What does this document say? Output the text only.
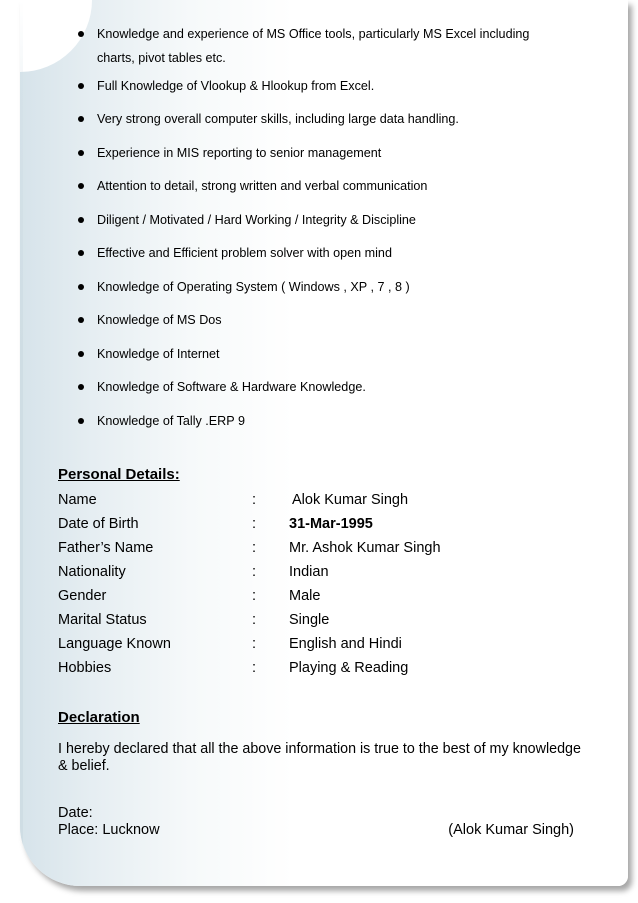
Knowledge and experience of MS Office tools, particularly MS Excel including
charts, pivot tables etc.
Full Knowledge of Vlookup & Hlookup from Excel.
Very strong overall computer skills, including large data handling.
Experience in MIS reporting to senior management
Attention to detail, strong written and verbal communication
Diligent / Motivated / Hard Working / Integrity & Discipline
Effective and Efficient problem solver with open mind
Knowledge of Operating System ( Windows , XP , 7 , 8 )
Knowledge of MS Dos
Knowledge of Internet
Knowledge of Software & Hardware Knowledge.
Knowledge of Tally .ERP 9
Personal Details:
Name	: Alok Kumar Singh
Date of Birth	: 31-Mar-1995
Father’s Name	: Mr. Ashok Kumar Singh
Nationality	: Indian
Gender	: Male
Marital Status	: Single
Language Known	: English and Hindi
Hobbies	: Playing & Reading
Declaration
I hereby declared that all the above information is true to the best of my knowledge & belief.
Date:
Place: Lucknow	(Alok Kumar Singh)
